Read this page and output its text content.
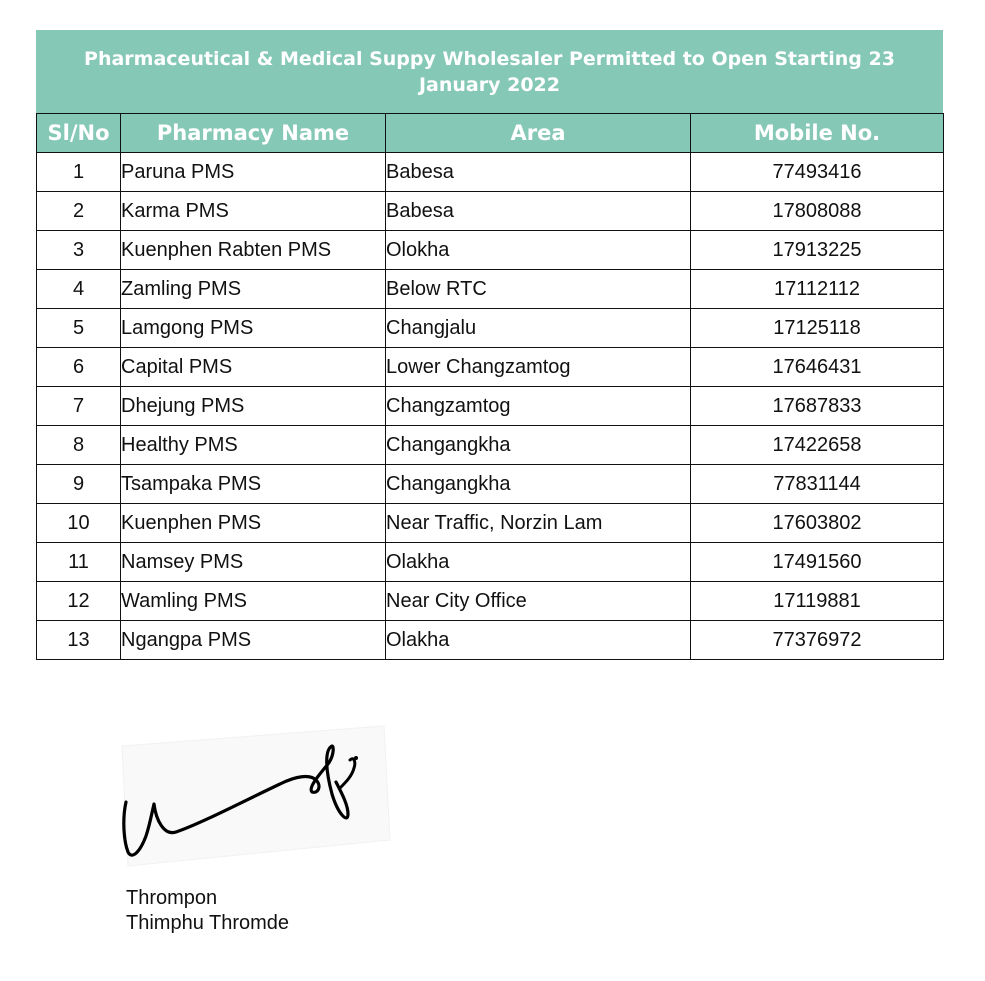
Pharmaceutical & Medical Suppy Wholesaler Permitted to Open Starting 23 January 2022
Sl/No	Pharmacy Name	Area	Mobile No.
1	Paruna PMS	Babesa	77493416
2	Karma PMS	Babesa	17808088
3	Kuenphen Rabten PMS	Olokha	17913225
4	Zamling PMS	Below RTC	17112112
5	Lamgong PMS	Changjalu	17125118
6	Capital PMS	Lower Changzamtog	17646431
7	Dhejung PMS	Changzamtog	17687833
8	Healthy PMS	Changangkha	17422658
9	Tsampaka PMS	Changangkha	77831144
10	Kuenphen PMS	Near Traffic, Norzin Lam	17603802
11	Namsey PMS	Olakha	17491560
12	Wamling PMS	Near City Office	17119881
13	Ngangpa PMS	Olakha	77376972
Thrompon
Thimphu Thromde
